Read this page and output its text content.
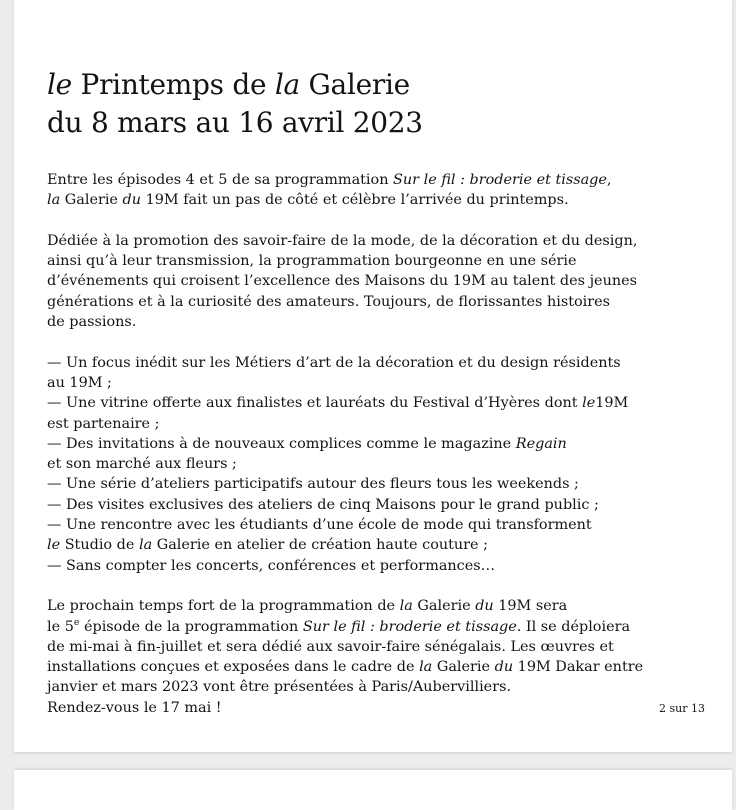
le Printemps de la Galerie
du 8 mars au 16 avril 2023
Entre les épisodes 4 et 5 de sa programmation Sur le fil : broderie et tissage,
la Galerie du 19M fait un pas de côté et célèbre l’arrivée du printemps.
Dédiée à la promotion des savoir-faire de la mode, de la décoration et du design,
ainsi qu’à leur transmission, la programmation bourgeonne en une série
d’événements qui croisent l’excellence des Maisons du 19M au talent des jeunes
générations et à la curiosité des amateurs. Toujours, de florissantes histoires
de passions.
— Un focus inédit sur les Métiers d’art de la décoration et du design résidents
au 19M ;
— Une vitrine offerte aux finalistes et lauréats du Festival d’Hyères dont le19M
est partenaire ;
— Des invitations à de nouveaux complices comme le magazine Regain
et son marché aux fleurs ;
— Une série d’ateliers participatifs autour des fleurs tous les weekends ;
— Des visites exclusives des ateliers de cinq Maisons pour le grand public ;
— Une rencontre avec les étudiants d’une école de mode qui transforment
le Studio de la Galerie en atelier de création haute couture ;
— Sans compter les concerts, conférences et performances…
Le prochain temps fort de la programmation de la Galerie du 19M sera
le 5e épisode de la programmation Sur le fil : broderie et tissage. Il se déploiera
de mi-mai à fin-juillet et sera dédié aux savoir-faire sénégalais. Les œuvres et
installations conçues et exposées dans le cadre de la Galerie du 19M Dakar entre
janvier et mars 2023 vont être présentées à Paris/Aubervilliers.
Rendez-vous le 17 mai !	2 sur 13
